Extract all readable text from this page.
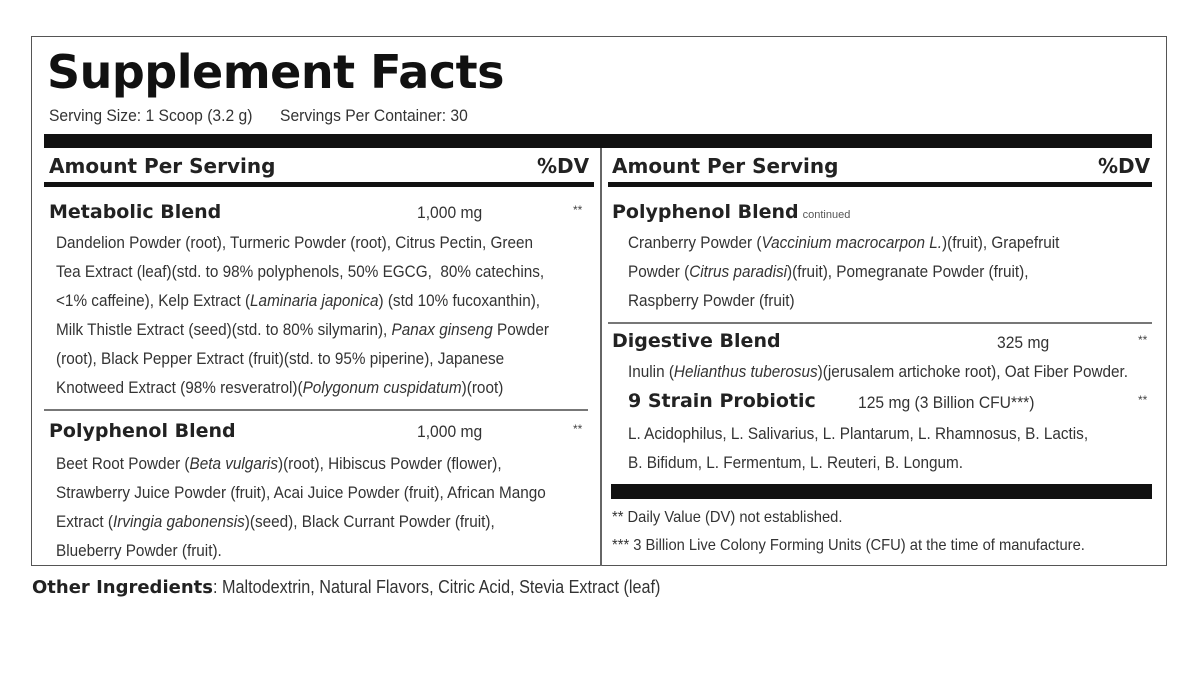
Supplement Facts
Serving Size: 1 Scoop (3.2 g) Servings Per Container: 30
Amount Per Serving	%DV Amount Per Serving	%DV
Metabolic Blend	1,000 mg	**
Dandelion Powder (root), Turmeric Powder (root), Citrus Pectin, Green
Tea Extract (leaf)(std. to 98% polyphenols, 50% EGCG,  80% catechins,
<1% caffeine), Kelp Extract (Laminaria japonica) (std 10% fucoxanthin),
Milk Thistle Extract (seed)(std. to 80% silymarin), Panax ginseng Powder
(root), Black Pepper Extract (fruit)(std. to 95% piperine), Japanese
Knotweed Extract (98% resveratrol)(Polygonum cuspidatum)(root)
Polyphenol Blend	1,000 mg	**
Beet Root Powder (Beta vulgaris)(root), Hibiscus Powder (flower),
Strawberry Juice Powder (fruit), Acai Juice Powder (fruit), African Mango
Extract (Irvingia gabonensis)(seed), Black Currant Powder (fruit),
Blueberry Powder (fruit).
Polyphenol Blend continued
Cranberry Powder (Vaccinium macrocarpon L.)(fruit), Grapefruit
Powder (Citrus paradisi)(fruit), Pomegranate Powder (fruit),
Raspberry Powder (fruit)
Digestive Blend	325 mg	**
Inulin (Helianthus tuberosus)(jerusalem artichoke root), Oat Fiber Powder.
9 Strain Probiotic 125 mg (3 Billion CFU***)	**
L. Acidophilus, L. Salivarius, L. Plantarum, L. Rhamnosus, B. Lactis,
B. Bifidum, L. Fermentum, L. Reuteri, B. Longum.
** Daily Value (DV) not established.
*** 3 Billion Live Colony Forming Units (CFU) at the time of manufacture.
Other Ingredients: Maltodextrin, Natural Flavors, Citric Acid, Stevia Extract (leaf)
